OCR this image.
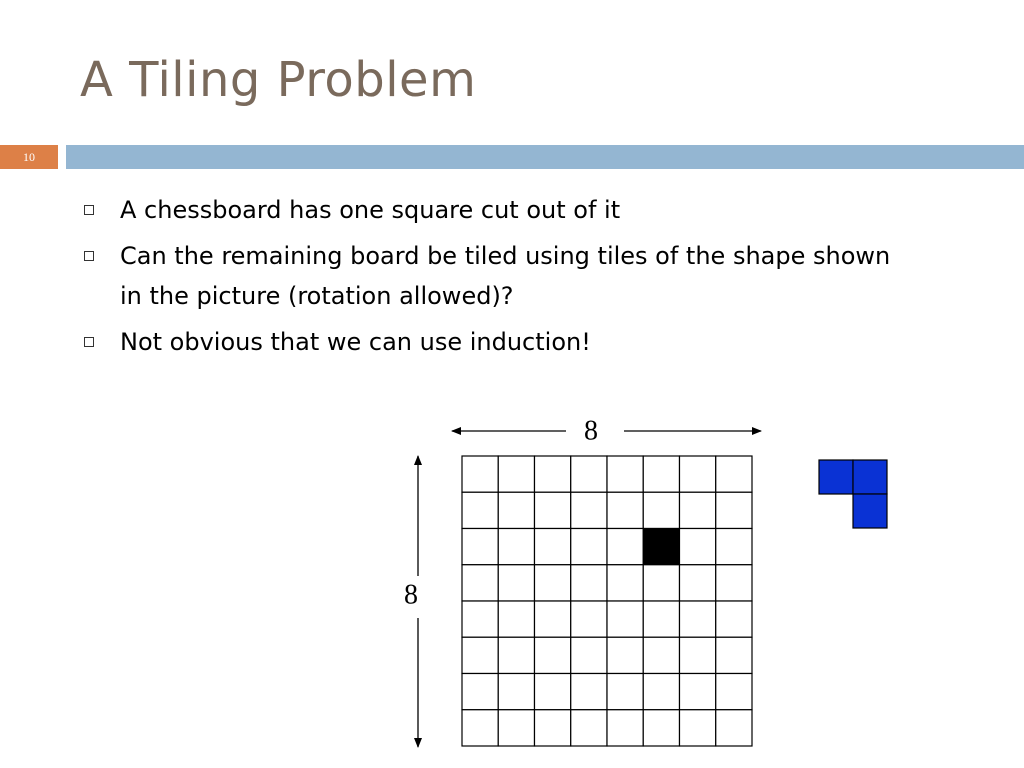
A Tiling Problem
10
A chessboard has one square cut out of it
Can the remaining board be tiled using tiles of the shape shown in the picture (rotation allowed)?
Not obvious that we can use induction!
8
8
